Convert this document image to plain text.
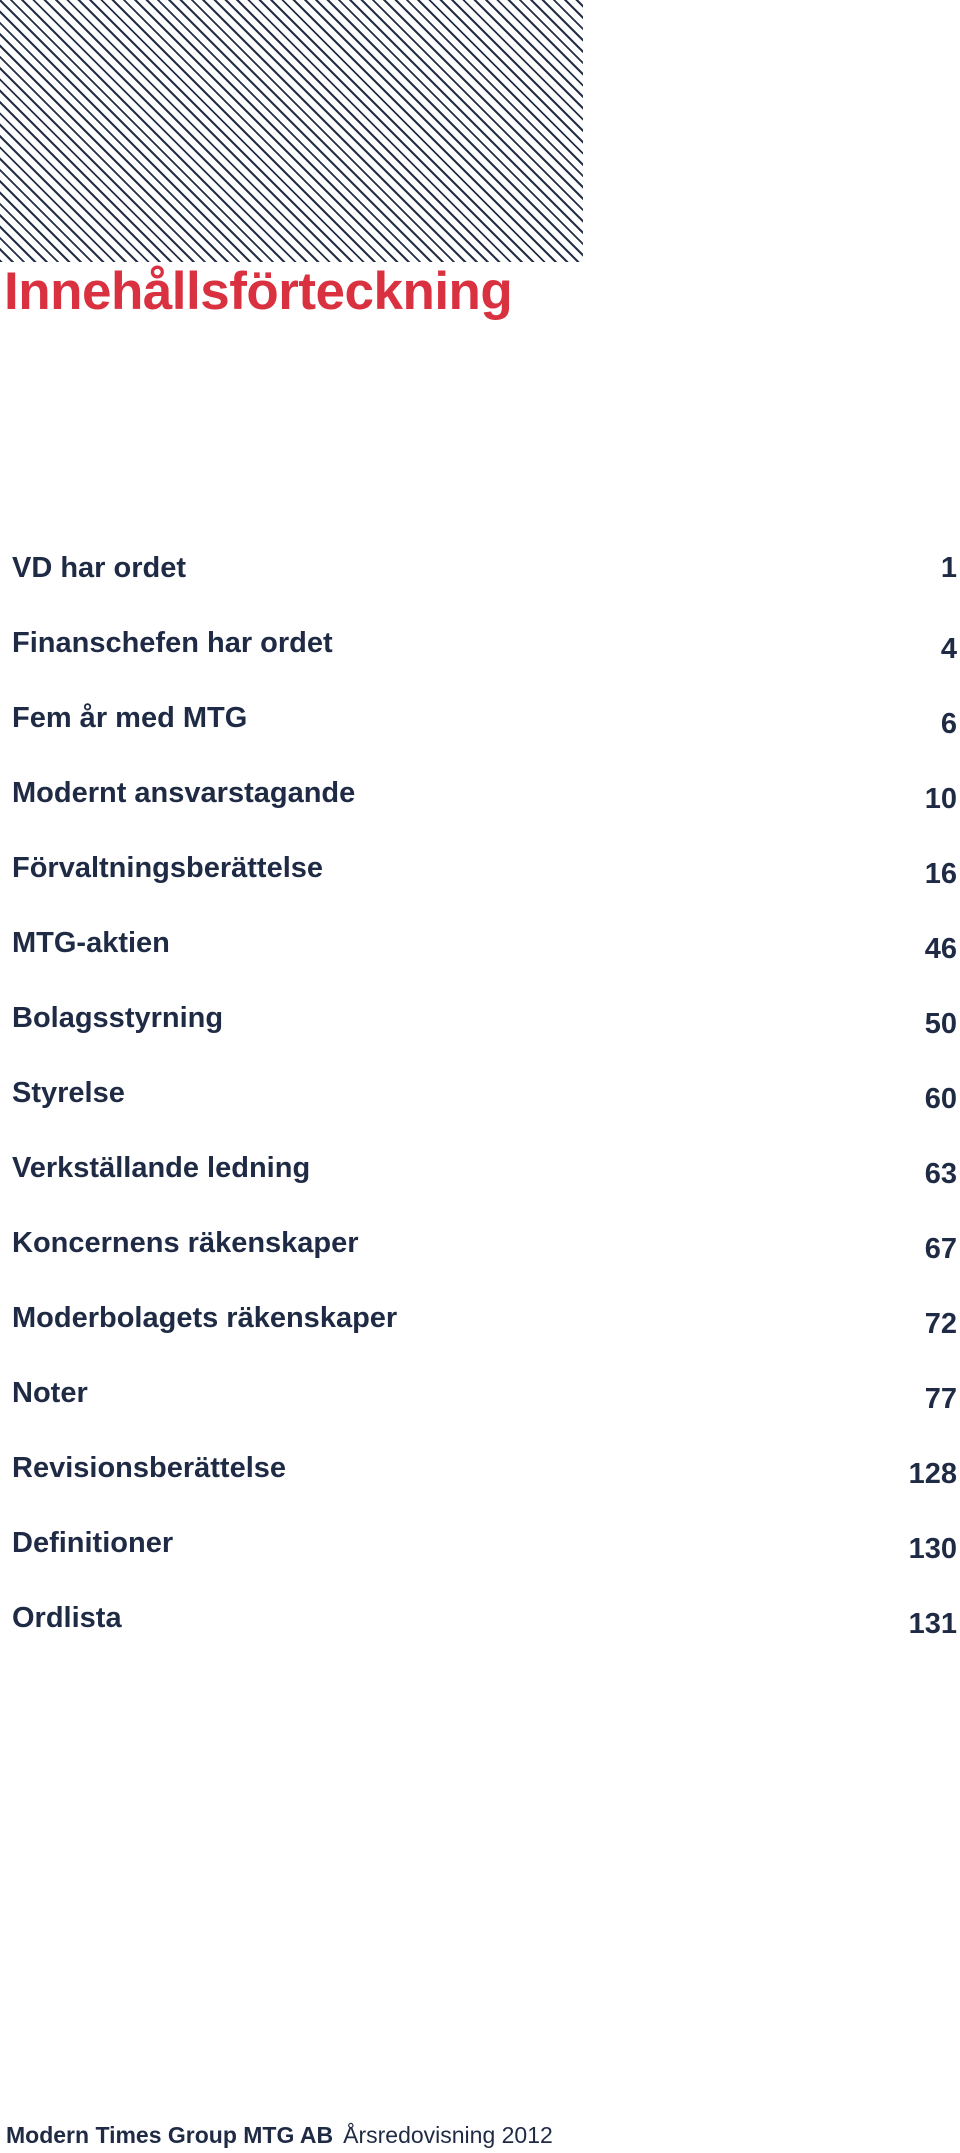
Innehållsförteckning
VD har ordet	1
Finanschefen har ordet	4
Fem år med MTG	6
Modernt ansvarstagande	10
Förvaltningsberättelse	16
MTG-aktien	46
Bolagsstyrning	50
Styrelse	60
Verkställande ledning	63
Koncernens räkenskaper	67
Moderbolagets räkenskaper	72
Noter	77
Revisionsberättelse	128
Definitioner	130
Ordlista	131
Modern Times Group MTG AB Årsredovisning 2012
